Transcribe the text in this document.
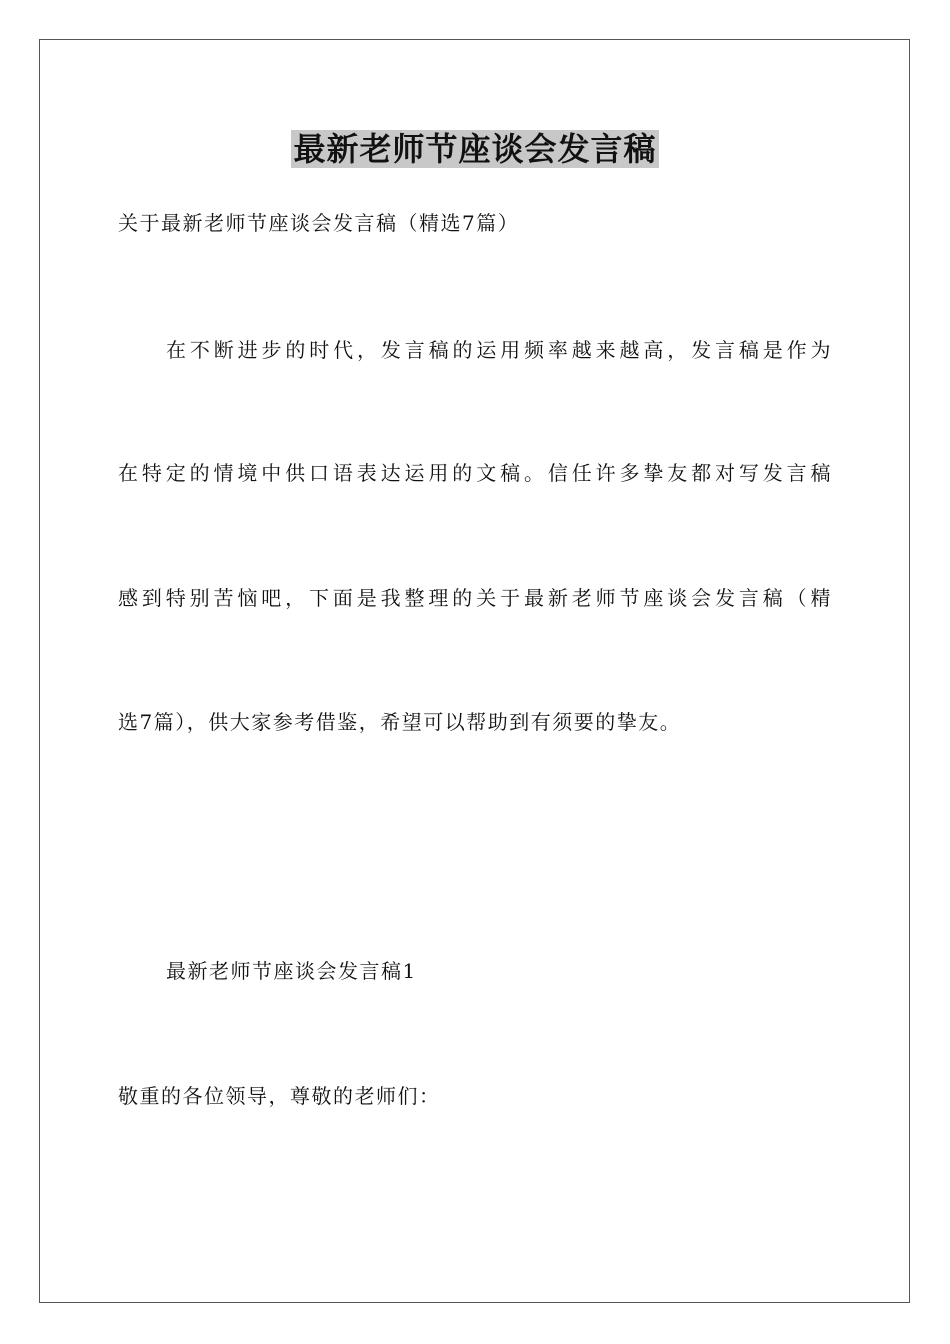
最新老师节座谈会发言稿
关于最新老师节座谈会发言稿（精选7篇）
在不断进步的时代，发言稿的运用频率越来越高，发言稿是作为
在特定的情境中供口语表达运用的文稿。信任许多挚友都对写发言稿
感到特别苦恼吧，下面是我整理的关于最新老师节座谈会发言稿（精
选7篇），供大家参考借鉴，希望可以帮助到有须要的挚友。
最新老师节座谈会发言稿1
敬重的各位领导，尊敬的老师们：
